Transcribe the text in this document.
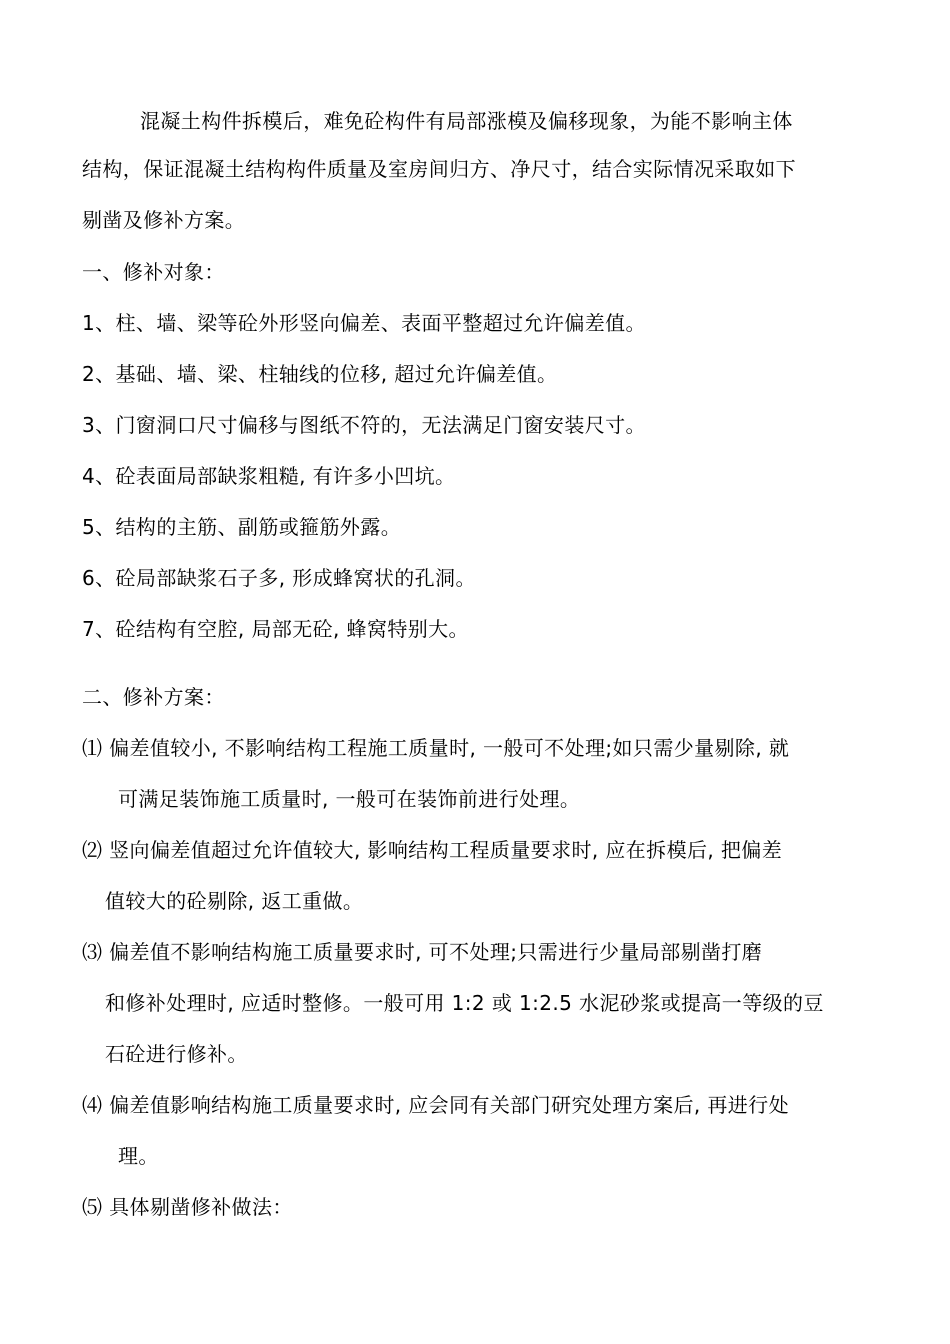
混凝土构件拆模后，难免砼构件有局部涨模及偏移现象，为能不影响主体
结构，保证混凝土结构构件质量及室房间归方、净尺寸，结合实际情况采取如下
剔凿及修补方案。
一、修补对象：
1、柱、墙、梁等砼外形竖向偏差、表面平整超过允许偏差值。
2、基础、墙、梁、柱轴线的位移, 超过允许偏差值。
3、门窗洞口尺寸偏移与图纸不符的，无法满足门窗安装尺寸。
4、砼表面局部缺浆粗糙, 有许多小凹坑。
5、结构的主筋、副筋或箍筋外露。
6、砼局部缺浆石子多, 形成蜂窝状的孔洞。
7、砼结构有空腔, 局部无砼, 蜂窝特别大。
二、修补方案：
⑴ 偏差值较小, 不影响结构工程施工质量时, 一般可不处理;如只需少量剔除, 就
可满足装饰施工质量时, 一般可在装饰前进行处理。
⑵ 竖向偏差值超过允许值较大, 影响结构工程质量要求时, 应在拆模后, 把偏差
值较大的砼剔除, 返工重做。
⑶ 偏差值不影响结构施工质量要求时, 可不处理;只需进行少量局部剔凿打磨
和修补处理时, 应适时整修。一般可用 1:2 或 1:2.5 水泥砂浆或提高一等级的豆
石砼进行修补。
⑷ 偏差值影响结构施工质量要求时, 应会同有关部门研究处理方案后, 再进行处
理。
⑸ 具体剔凿修补做法：
